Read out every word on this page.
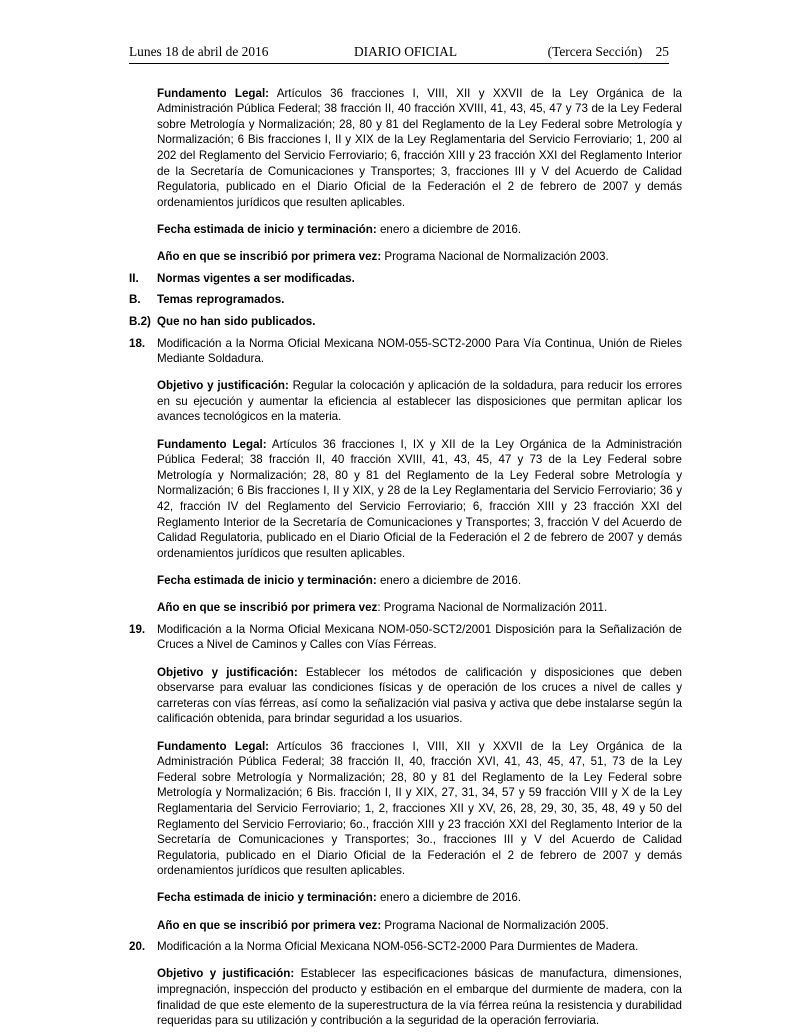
Lunes 18 de abril de 2016	DIARIO OFICIAL	(Tercera Sección) 25

Fundamento Legal: Artículos 36 fracciones I, VIII, XII y XXVII de la Ley Orgánica de la Administración Pública Federal; 38 fracción II, 40 fracción XVIII, 41, 43, 45, 47 y 73 de la Ley Federal sobre Metrología y Normalización; 28, 80 y 81 del Reglamento de la Ley Federal sobre Metrología y Normalización; 6 Bis fracciones I, II y XIX de la Ley Reglamentaria del Servicio Ferroviario; 1, 200 al 202 del Reglamento del Servicio Ferroviario; 6, fracción XIII y 23 fracción XXI del Reglamento Interior de la Secretaría de Comunicaciones y Transportes; 3, fracciones III y V del Acuerdo de Calidad Regulatoria, publicado en el Diario Oficial de la Federación el 2 de febrero de 2007 y demás ordenamientos jurídicos que resulten aplicables.

Fecha estimada de inicio y terminación: enero a diciembre de 2016.

Año en que se inscribió por primera vez: Programa Nacional de Normalización 2003.

II. Normas vigentes a ser modificadas.
B. Temas reprogramados.
B.2) Que no han sido publicados.
18. Modificación a la Norma Oficial Mexicana NOM-055-SCT2-2000 Para Vía Continua, Unión de Rieles Mediante Soldadura.

Objetivo y justificación: Regular la colocación y aplicación de la soldadura, para reducir los errores en su ejecución y aumentar la eficiencia al establecer las disposiciones que permitan aplicar los avances tecnológicos en la materia.

Fundamento Legal: Artículos 36 fracciones I, IX y XII de la Ley Orgánica de la Administración Pública Federal; 38 fracción II, 40 fracción XVIII, 41, 43, 45, 47 y 73 de la Ley Federal sobre Metrología y Normalización; 28, 80 y 81 del Reglamento de la Ley Federal sobre Metrología y Normalización; 6 Bis fracciones I, II y XIX, y 28 de la Ley Reglamentaria del Servicio Ferroviario; 36 y 42, fracción IV del Reglamento del Servicio Ferroviario; 6, fracción XIII y 23 fracción XXI del Reglamento Interior de la Secretaría de Comunicaciones y Transportes; 3, fracción V del Acuerdo de Calidad Regulatoria, publicado en el Diario Oficial de la Federación el 2 de febrero de 2007 y demás ordenamientos jurídicos que resulten aplicables.

Fecha estimada de inicio y terminación: enero a diciembre de 2016.

Año en que se inscribió por primera vez: Programa Nacional de Normalización 2011.

19. Modificación a la Norma Oficial Mexicana NOM-050-SCT2/2001 Disposición para la Señalización de Cruces a Nivel de Caminos y Calles con Vías Férreas.

Objetivo y justificación: Establecer los métodos de calificación y disposiciones que deben observarse para evaluar las condiciones físicas y de operación de los cruces a nivel de calles y carreteras con vías férreas, así como la señalización vial pasiva y activa que debe instalarse según la calificación obtenida, para brindar seguridad a los usuarios.

Fundamento Legal: Artículos 36 fracciones I, VIII, XII y XXVII de la Ley Orgánica de la Administración Pública Federal; 38 fracción II, 40, fracción XVI, 41, 43, 45, 47, 51, 73 de la Ley Federal sobre Metrología y Normalización; 28, 80 y 81 del Reglamento de la Ley Federal sobre Metrología y Normalización; 6 Bis. fracción I, II y XIX, 27, 31, 34, 57 y 59 fracción VIII y X de la Ley Reglamentaria del Servicio Ferroviario; 1, 2, fracciones XII y XV, 26, 28, 29, 30, 35, 48, 49 y 50 del Reglamento del Servicio Ferroviario; 6o., fracción XIII y 23 fracción XXI del Reglamento Interior de la Secretaría de Comunicaciones y Transportes; 3o., fracciones III y V del Acuerdo de Calidad Regulatoria, publicado en el Diario Oficial de la Federación el 2 de febrero de 2007 y demás ordenamientos jurídicos que resulten aplicables.

Fecha estimada de inicio y terminación: enero a diciembre de 2016.

Año en que se inscribió por primera vez: Programa Nacional de Normalización 2005.

20. Modificación a la Norma Oficial Mexicana NOM-056-SCT2-2000 Para Durmientes de Madera.

Objetivo y justificación: Establecer las especificaciones básicas de manufactura, dimensiones, impregnación, inspección del producto y estibación en el embarque del durmiente de madera, con la finalidad de que este elemento de la superestructura de la vía férrea reúna la resistencia y durabilidad requeridas para su utilización y contribución a la seguridad de la operación ferroviaria.
